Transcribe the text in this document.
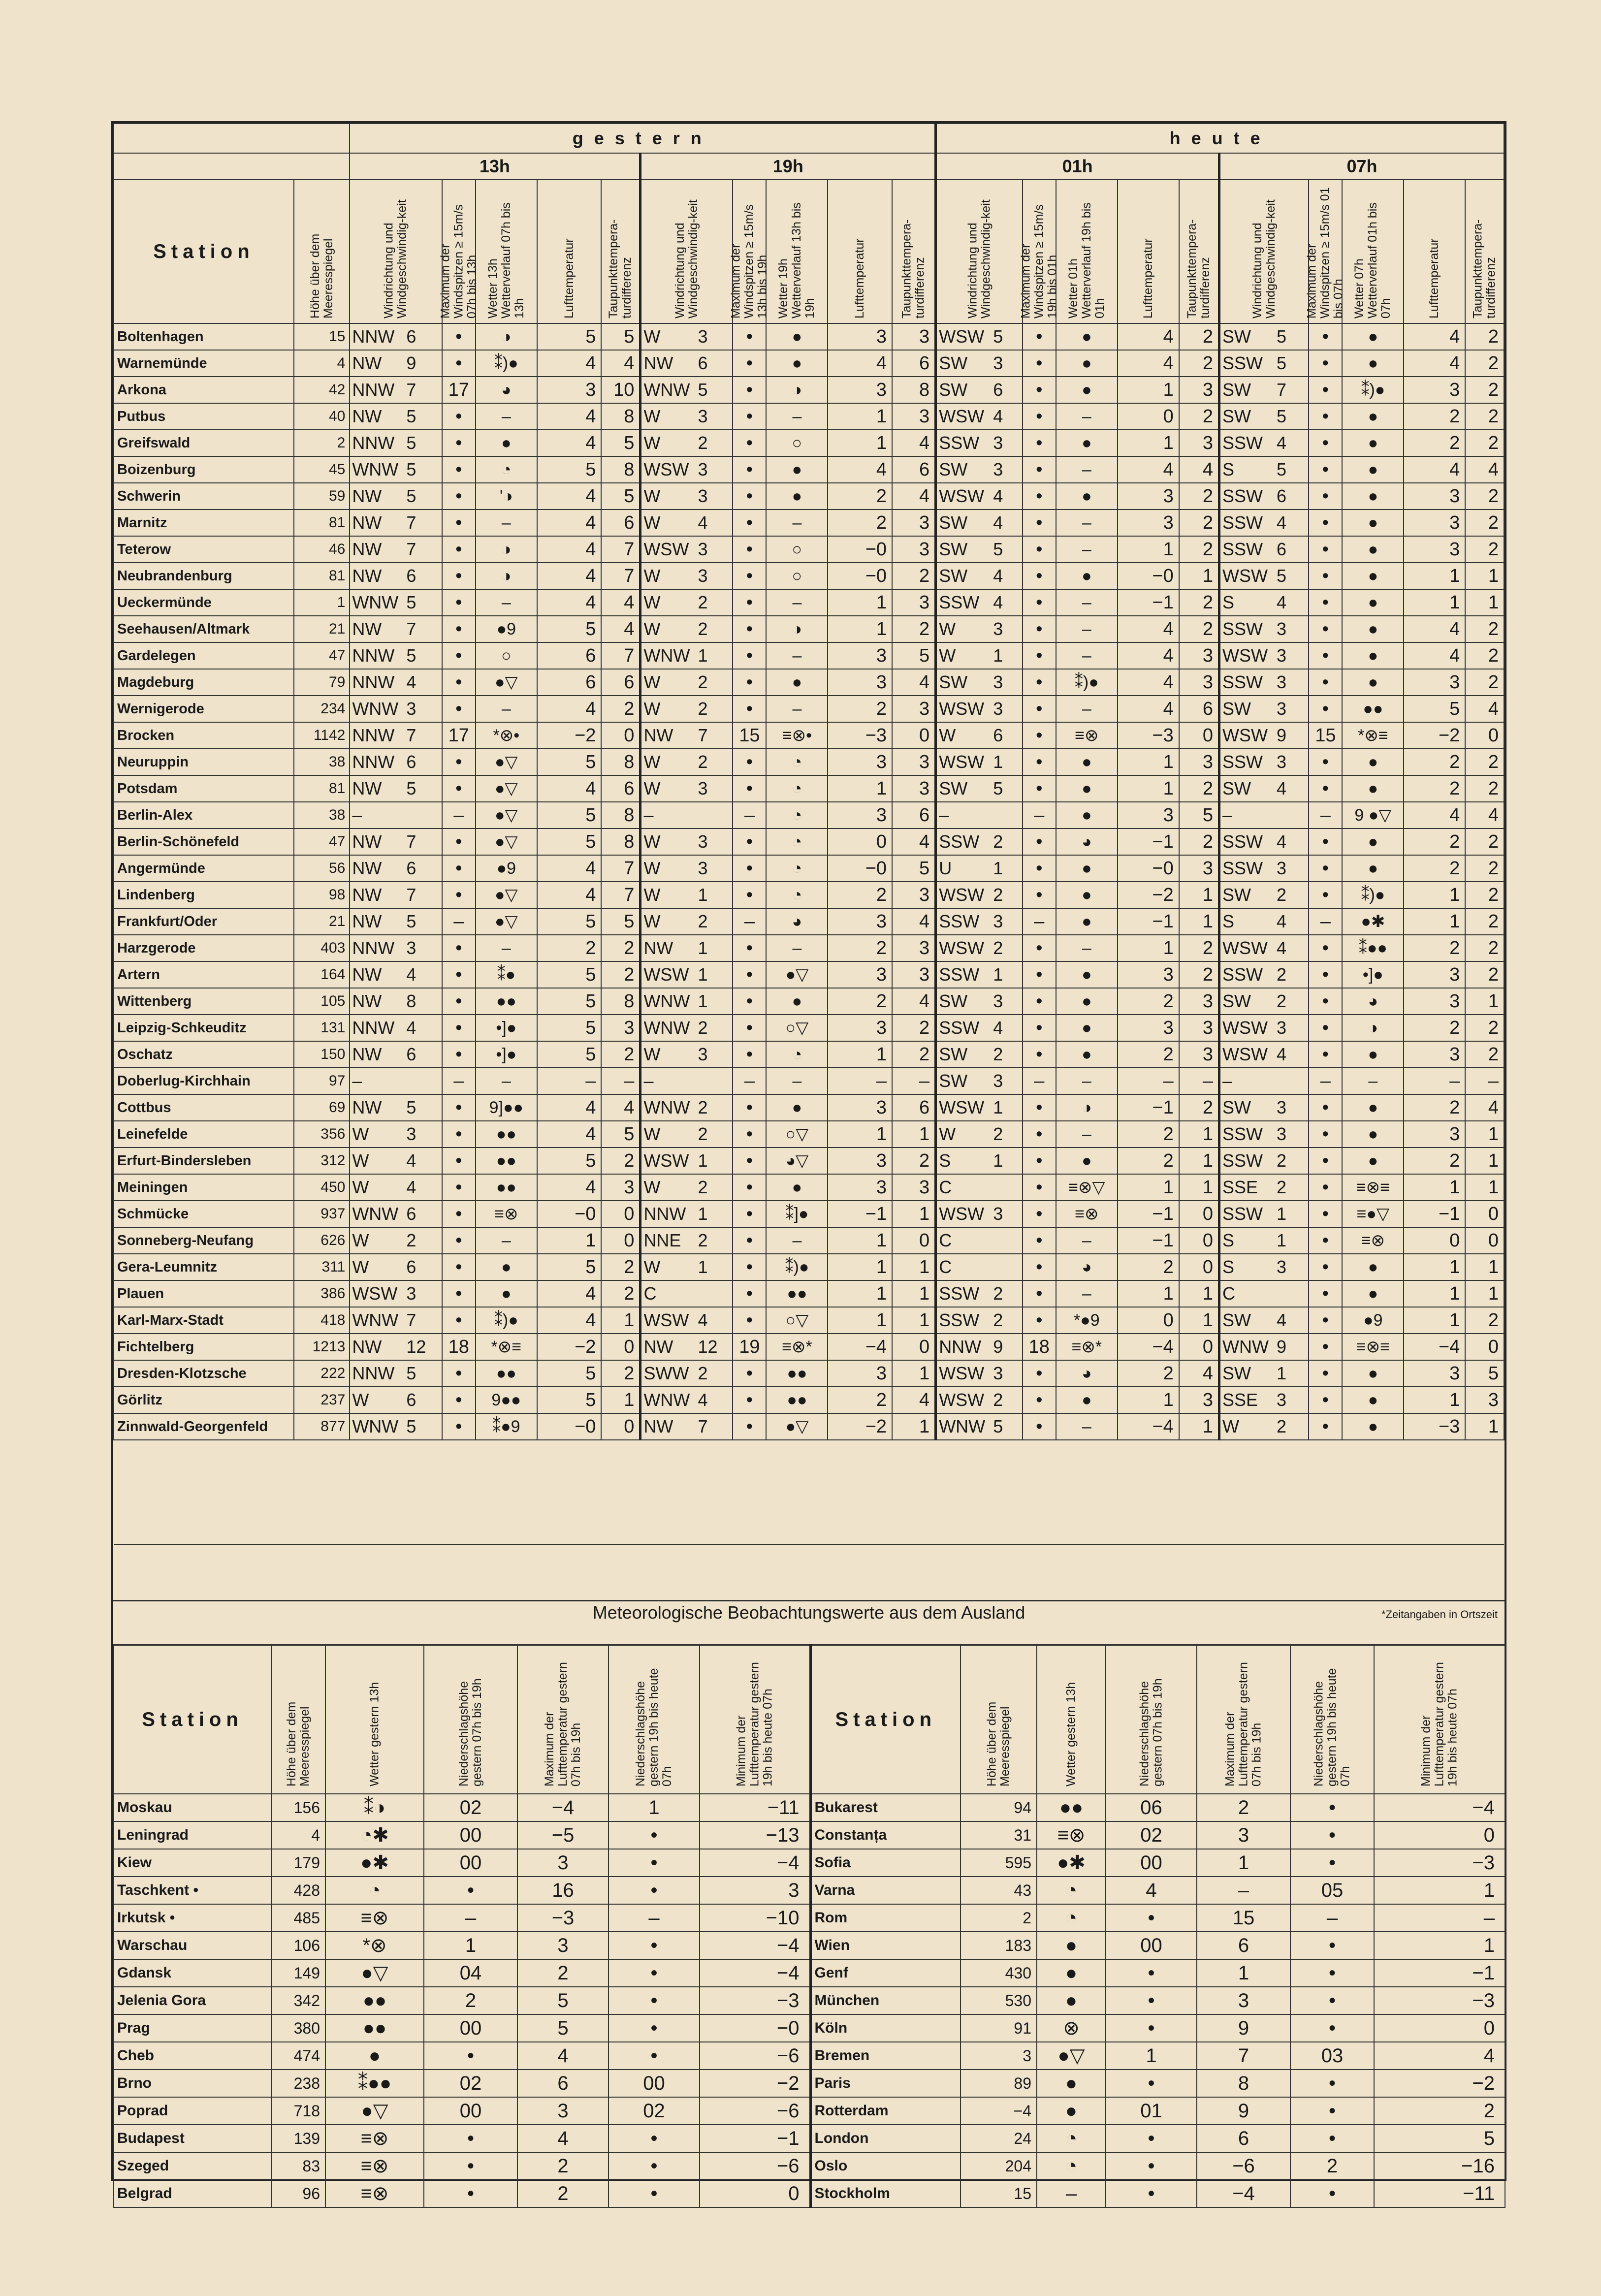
		gestern										heute									
		13h					19h					01h					07h				
Station	Höhe über dem Meeresspiegel	Windrichtung und Windgeschwindig-keit	Maximum der Windspitzen ≥ 15m/s 07h bis 13h	Wetter 13h Wetterverlauf 07h bis 13h	Lufttemperatur	Taupunkttempera-turdifferenz	Windrichtung und Windgeschwindig-keit	Maximum der Windspitzen ≥ 15m/s 13h bis 19h	Wetter 19h Wetterverlauf 13h bis 19h	Lufttemperatur	Taupunkttempera-turdifferenz	Windrichtung und Windgeschwindig-keit	Maximum der Windspitzen ≥ 15m/s 19h bis 01h	Wetter 01h Wetterverlauf 19h bis 01h	Lufttemperatur	Taupunkttempera-turdifferenz	Windrichtung und Windgeschwindig-keit	Maximum der Windspitzen ≥ 15m/s 01 bis 07h	Wetter 07h Wetterverlauf 01h bis 07h	Lufttemperatur	Taupunkttempera-turdifferenz

Boltenhagen	15	NNW 6	•	◑	5	5	W 3	•	●	3	3	WSW 5	•	●	4	2	SW 5	•	●	4	2
Warnemünde	4	NW 9	•	⁑)●	4	4	NW 6	•	●	4	6	SW 3	•	●	4	2	SSW 5	•	●	4	2
Arkona	42	NNW 7	17	◕	3	10	WNW 5	•	◑	3	8	SW 6	•	●	1	3	SW 7	•	⁑)●	3	2
Putbus	40	NW 5	•	–	4	8	W 3	•	–	1	3	WSW 4	•	–	0	2	SW 5	•	●	2	2
Greifswald	2	NNW 5	•	●	4	5	W 2	•	○	1	4	SSW 3	•	●	1	3	SSW 4	•	●	2	2
Boizenburg	45	WNW 5	•	◔	5	8	WSW 3	•	●	4	6	SW 3	•	–	4	4	S 5	•	●	4	4
Schwerin	59	NW 5	•	'◑	4	5	W 3	•	●	2	4	WSW 4	•	●	3	2	SSW 6	•	●	3	2
Marnitz	81	NW 7	•	–	4	6	W 4	•	–	2	3	SW 4	•	–	3	2	SSW 4	•	●	3	2
Teterow	46	NW 7	•	◑	4	7	WSW 3	•	○	−0	3	SW 5	•	–	1	2	SSW 6	•	●	3	2
Neubrandenburg	81	NW 6	•	◑	4	7	W 3	•	○	−0	2	SW 4	•	●	−0	1	WSW 5	•	●	1	1
Ueckermünde	1	WNW 5	•	–	4	4	W 2	•	–	1	3	SSW 4	•	–	−1	2	S 4	•	●	1	1
Seehausen/Altmark	21	NW 7	•	●9	5	4	W 2	•	◑	1	2	W 3	•	–	4	2	SSW 3	•	●	4	2
Gardelegen	47	NNW 5	•	○	6	7	WNW 1	•	–	3	5	W 1	•	–	4	3	WSW 3	•	●	4	2
Magdeburg	79	NNW 4	•	●▽	6	6	W 2	•	●	3	4	SW 3	•	⁑)●	4	3	SSW 3	•	●	3	2
Wernigerode	234	WNW 3	•	–	4	2	W 2	•	–	2	3	WSW 3	•	–	4	6	SW 3	•	●●	5	4
Brocken	1142	NNW 7	17	*⊗•	−2	0	NW 7	15	≡⊗•	−3	0	W 6	•	≡⊗	−3	0	WSW 9	15	*⊗≡	−2	0
Neuruppin	38	NNW 6	•	●▽	5	8	W 2	•	◔	3	3	WSW 1	•	●	1	3	SSW 3	•	●	2	2
Potsdam	81	NW 5	•	●▽	4	6	W 3	•	◔	1	3	SW 5	•	●	1	2	SW 4	•	●	2	2
Berlin-Alex	38	–	–	●▽	5	8	–	–	◔	3	6	–	–	●	3	5	–	–	9 ●▽	4	4
Berlin-Schönefeld	47	NW 7	•	●▽	5	8	W 3	•	◔	0	4	SSW 2	•	◕	−1	2	SSW 4	•	●	2	2
Angermünde	56	NW 6	•	●9	4	7	W 3	•	◔	−0	5	U 1	•	●	−0	3	SSW 3	•	●	2	2
Lindenberg	98	NW 7	•	●▽	4	7	W 1	•	◔	2	3	WSW 2	•	●	−2	1	SW 2	•	⁑)●	1	2
Frankfurt/Oder	21	NW 5	–	●▽	5	5	W 2	–	◕	3	4	SSW 3	–	●	−1	1	S 4	–	●✱	1	2
Harzgerode	403	NNW 3	•	–	2	2	NW 1	•	–	2	3	WSW 2	•	–	1	2	WSW 4	•	⁑●●	2	2
Artern	164	NW 4	•	⁑●	5	2	WSW 1	•	●▽	3	3	SSW 1	•	●	3	2	SSW 2	•	•]●	3	2
Wittenberg	105	NW 8	•	●●	5	8	WNW 1	•	●	2	4	SW 3	•	●	2	3	SW 2	•	◕	3	1
Leipzig-Schkeuditz	131	NNW 4	•	•]●	5	3	WNW 2	•	○▽	3	2	SSW 4	•	●	3	3	WSW 3	•	◑	2	2
Oschatz	150	NW 6	•	•]●	5	2	W 3	•	◔	1	2	SW 2	•	●	2	3	WSW 4	•	●	3	2
Doberlug-Kirchhain	97	–	–	–	–	–	–	–	–	–	–	SW 3	–	–	–	–	–	–	–	–	–
Cottbus	69	NW 5	•	9]●●	4	4	WNW 2	•	●	3	6	WSW 1	•	◑	−1	2	SW 3	•	●	2	4
Leinefelde	356	W 3	•	●●	4	5	W 2	•	○▽	1	1	W 2	•	–	2	1	SSW 3	•	●	3	1
Erfurt-Bindersleben	312	W 4	•	●●	5	2	WSW 1	•	◕▽	3	2	S 1	•	●	2	1	SSW 2	•	●	2	1
Meiningen	450	W 4	•	●●	4	3	W 2	•	●	3	3	C	•	≡⊗▽	1	1	SSE 2	•	≡⊗≡	1	1
Schmücke	937	WNW 6	•	≡⊗	−0	0	NNW 1	•	⁑]●	−1	1	WSW 3	•	≡⊗	−1	0	SSW 1	•	≡●▽	−1	0
Sonneberg-Neufang	626	W 2	•	–	1	0	NNE 2	•	–	1	0	C	•	–	−1	0	S 1	•	≡⊗	0	0
Gera-Leumnitz	311	W 6	•	●	5	2	W 1	•	⁑)●	1	1	C	•	◕	2	0	S 3	•	●	1	1
Plauen	386	WSW 3	•	●	4	2	C	•	●●	1	1	SSW 2	•	–	1	1	C	•	●	1	1
Karl-Marx-Stadt	418	WNW 7	•	⁑)●	4	1	WSW 4	•	○▽	1	1	SSW 2	•	*●9	0	1	SW 4	•	●9	1	2
Fichtelberg	1213	NW 12	18	*⊗≡	−2	0	NW 12	19	≡⊗*	−4	0	NNW 9	18	≡⊗*	−4	0	WNW 9	•	≡⊗≡	−4	0
Dresden-Klotzsche	222	NNW 5	•	●●	5	2	SWW 2	•	●●	3	1	WSW 3	•	◕	2	4	SW 1	•	●	3	5
Görlitz	237	W 6	•	9●●	5	1	WNW 4	•	●●	2	4	WSW 2	•	●	1	3	SSE 3	•	●	1	3
Zinnwald-Georgenfeld	877	WNW 5	•	⁑●9	−0	0	NW 7	•	●▽	−2	1	WNW 5	•	–	−4	1	W 2	•	●	−3	1

Meteorologische Beobachtungswerte aus dem Ausland	*Zeitangaben in Ortszeit
Station	Höhe über dem Meeresspiegel	Wetter gestern 13h	Niederschlagshöhe gestern 07h bis 19h	Maximum der Lufttemperatur gestern 07h bis 19h	Niederschlagshöhe gestern 19h bis heute 07h	Minimum der Lufttemperatur gestern 19h bis heute 07h	Station	Höhe über dem Meeresspiegel	Wetter gestern 13h	Niederschlagshöhe gestern 07h bis 19h	Maximum der Lufttemperatur gestern 07h bis 19h	Niederschlagshöhe gestern 19h bis heute 07h	Minimum der Lufttemperatur gestern 19h bis heute 07h

Moskau	156	⁑◑	02	−4	1	−11	Bukarest	94	●●	06	2	•	−4
Leningrad	4	◔✱	00	−5	•	−13	Constanța	31	≡⊗	02	3	•	0
Kiew	179	●✱	00	3	•	−4	Sofia	595	●✱	00	1	•	−3
Taschkent •	428	◔	•	16	•	3	Varna	43	◔	4	–	05	1
Irkutsk •	485	≡⊗	–	−3	–	−10	Rom	2	◔	•	15	–	–
Warschau	106	*⊗	1	3	•	−4	Wien	183	●	00	6	•	1
Gdansk	149	●▽	04	2	•	−4	Genf	430	●	•	1	•	−1
Jelenia Gora	342	●●	2	5	•	−3	München	530	●	•	3	•	−3
Prag	380	●●	00	5	•	−0	Köln	91	⊗	•	9	•	0
Cheb	474	●	•	4	•	−6	Bremen	3	●▽	1	7	03	4
Brno	238	⁑●●	02	6	00	−2	Paris	89	●	•	8	•	−2
Poprad	718	●▽	00	3	02	−6	Rotterdam	−4	●	01	9	•	2
Budapest	139	≡⊗	•	4	•	−1	London	24	◔	•	6	•	5
Szeged	83	≡⊗	•	2	•	−6	Oslo	204	◔	•	−6	2	−16
Belgrad	96	≡⊗	•	2	•	0	Stockholm	15	–	•	−4	•	−11
